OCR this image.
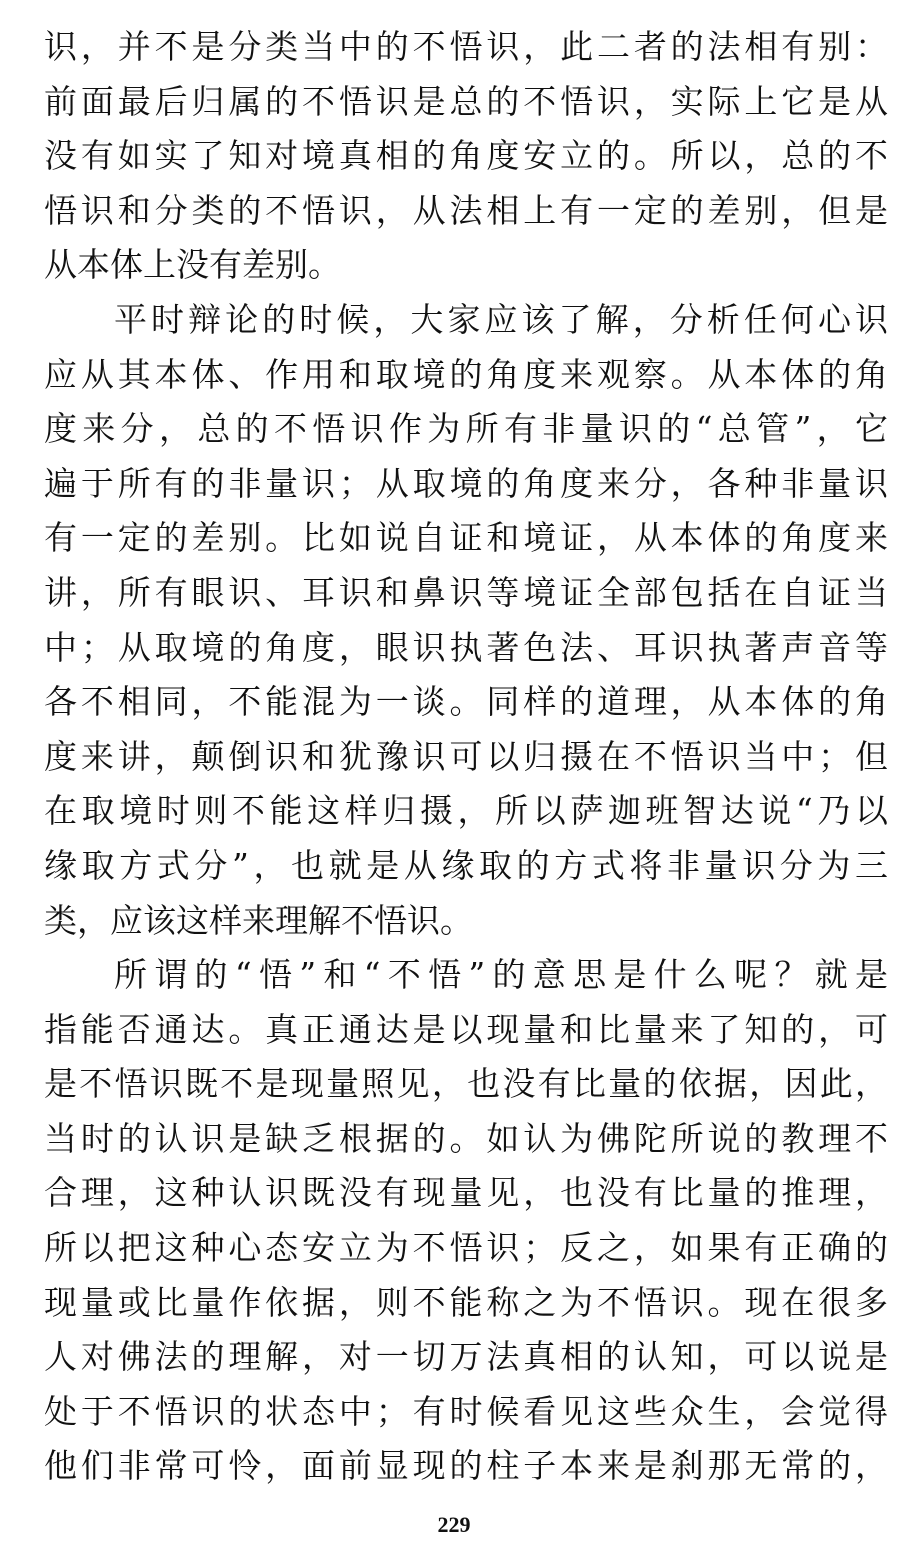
识，并不是分类当中的不悟识，此二者的法相有别：
前面最后归属的不悟识是总的不悟识，实际上它是从
没有如实了知对境真相的角度安立的。所以，总的不
悟识和分类的不悟识，从法相上有一定的差别，但是
从本体上没有差别。
平时辩论的时候，大家应该了解，分析任何心识
应从其本体、作用和取境的角度来观察。从本体的角
度来分，总的不悟识作为所有非量识的“总管”，它
遍于所有的非量识；从取境的角度来分，各种非量识
有一定的差别。比如说自证和境证，从本体的角度来
讲，所有眼识、耳识和鼻识等境证全部包括在自证当
中；从取境的角度，眼识执著色法、耳识执著声音等
各不相同，不能混为一谈。同样的道理，从本体的角
度来讲，颠倒识和犹豫识可以归摄在不悟识当中；但
在取境时则不能这样归摄，所以萨迦班智达说“乃以
缘取方式分”，也就是从缘取的方式将非量识分为三
类，应该这样来理解不悟识。
所谓的“悟”和“不悟”的意思是什么呢？就是
指能否通达。真正通达是以现量和比量来了知的，可
是不悟识既不是现量照见，也没有比量的依据，因此，
当时的认识是缺乏根据的。如认为佛陀所说的教理不
合理，这种认识既没有现量见，也没有比量的推理，
所以把这种心态安立为不悟识；反之，如果有正确的
现量或比量作依据，则不能称之为不悟识。现在很多
人对佛法的理解，对一切万法真相的认知，可以说是
处于不悟识的状态中；有时候看见这些众生，会觉得
他们非常可怜，面前显现的柱子本来是刹那无常的，
229
